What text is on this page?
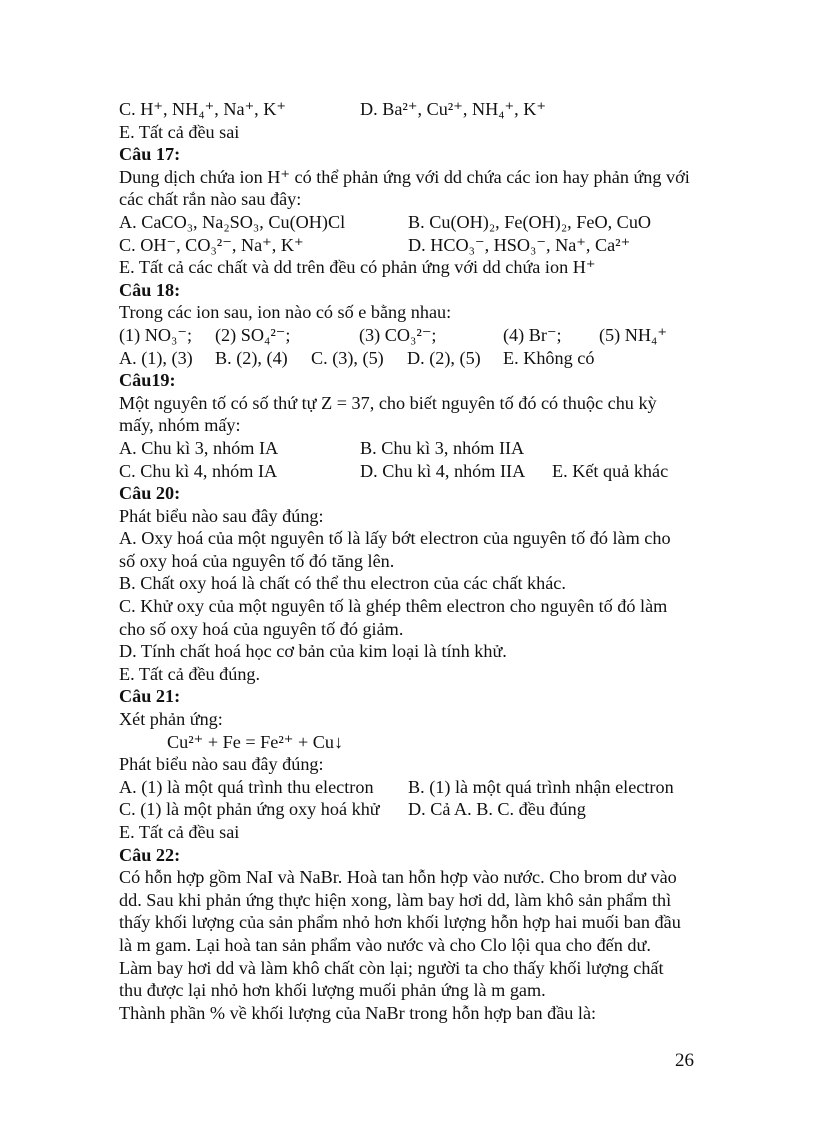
C. H⁺, NH₄⁺, Na⁺, K⁺	D. Ba²⁺, Cu²⁺, NH₄⁺, K⁺
E. Tất cả đều sai
Câu 17:
Dung dịch chứa ion H⁺ có thể phản ứng với dd chứa các ion hay phản ứng với
các chất rắn nào sau đây:
A. CaCO₃, Na₂SO₃, Cu(OH)Cl	B. Cu(OH)₂, Fe(OH)₂, FeO, CuO
C. OH⁻, CO₃²⁻, Na⁺, K⁺	D. HCO₃⁻, HSO₃⁻, Na⁺, Ca²⁺
E. Tất cả các chất và dd trên đều có phản ứng với dd chứa ion H⁺
Câu 18:
Trong các ion sau, ion nào có số e bằng nhau:
(1) NO₃⁻; (2) SO₄²⁻;	(3) CO₃²⁻;	(4) Br⁻; (5) NH₄⁺
A. (1), (3) B. (2), (4) C. (3), (5) D. (2), (5) E. Không có
Câu19:
Một nguyên tố có số thứ tự Z = 37, cho biết nguyên tố đó có thuộc chu kỳ
mấy, nhóm mấy:
A. Chu kì 3, nhóm IA	B. Chu kì 3, nhóm IIA
C. Chu kì 4, nhóm IA	D. Chu kì 4, nhóm IIA E. Kết quả khác
Câu 20:
Phát biểu nào sau đây đúng:
A. Oxy hoá của một nguyên tố là lấy bớt electron của nguyên tố đó làm cho
số oxy hoá của nguyên tố đó tăng lên.
B. Chất oxy hoá là chất có thể thu electron của các chất khác.
C. Khử oxy của một nguyên tố là ghép thêm electron cho nguyên tố đó làm
cho số oxy hoá của nguyên tố đó giảm.
D. Tính chất hoá học cơ bản của kim loại là tính khử.
E. Tất cả đều đúng.
Câu 21:
Xét phản ứng:
Cu²⁺ + Fe = Fe²⁺ + Cu↓
Phát biểu nào sau đây đúng:
A. (1) là một quá trình thu electron B. (1) là một quá trình nhận electron
C. (1) là một phản ứng oxy hoá khử D. Cả A. B. C. đều đúng
E. Tất cả đều sai
Câu 22:
Có hỗn hợp gồm NaI và NaBr. Hoà tan hỗn hợp vào nước. Cho brom dư vào
dd. Sau khi phản ứng thực hiện xong, làm bay hơi dd, làm khô sản phẩm thì
thấy khối lượng của sản phẩm nhỏ hơn khối lượng hỗn hợp hai muối ban đầu
là m gam. Lại hoà tan sản phẩm vào nước và cho Clo lội qua cho đến dư.
Làm bay hơi dd và làm khô chất còn lại; người ta cho thấy khối lượng chất
thu được lại nhỏ hơn khối lượng muối phản ứng là m gam.
Thành phần % về khối lượng của NaBr trong hỗn hợp ban đầu là:
26
